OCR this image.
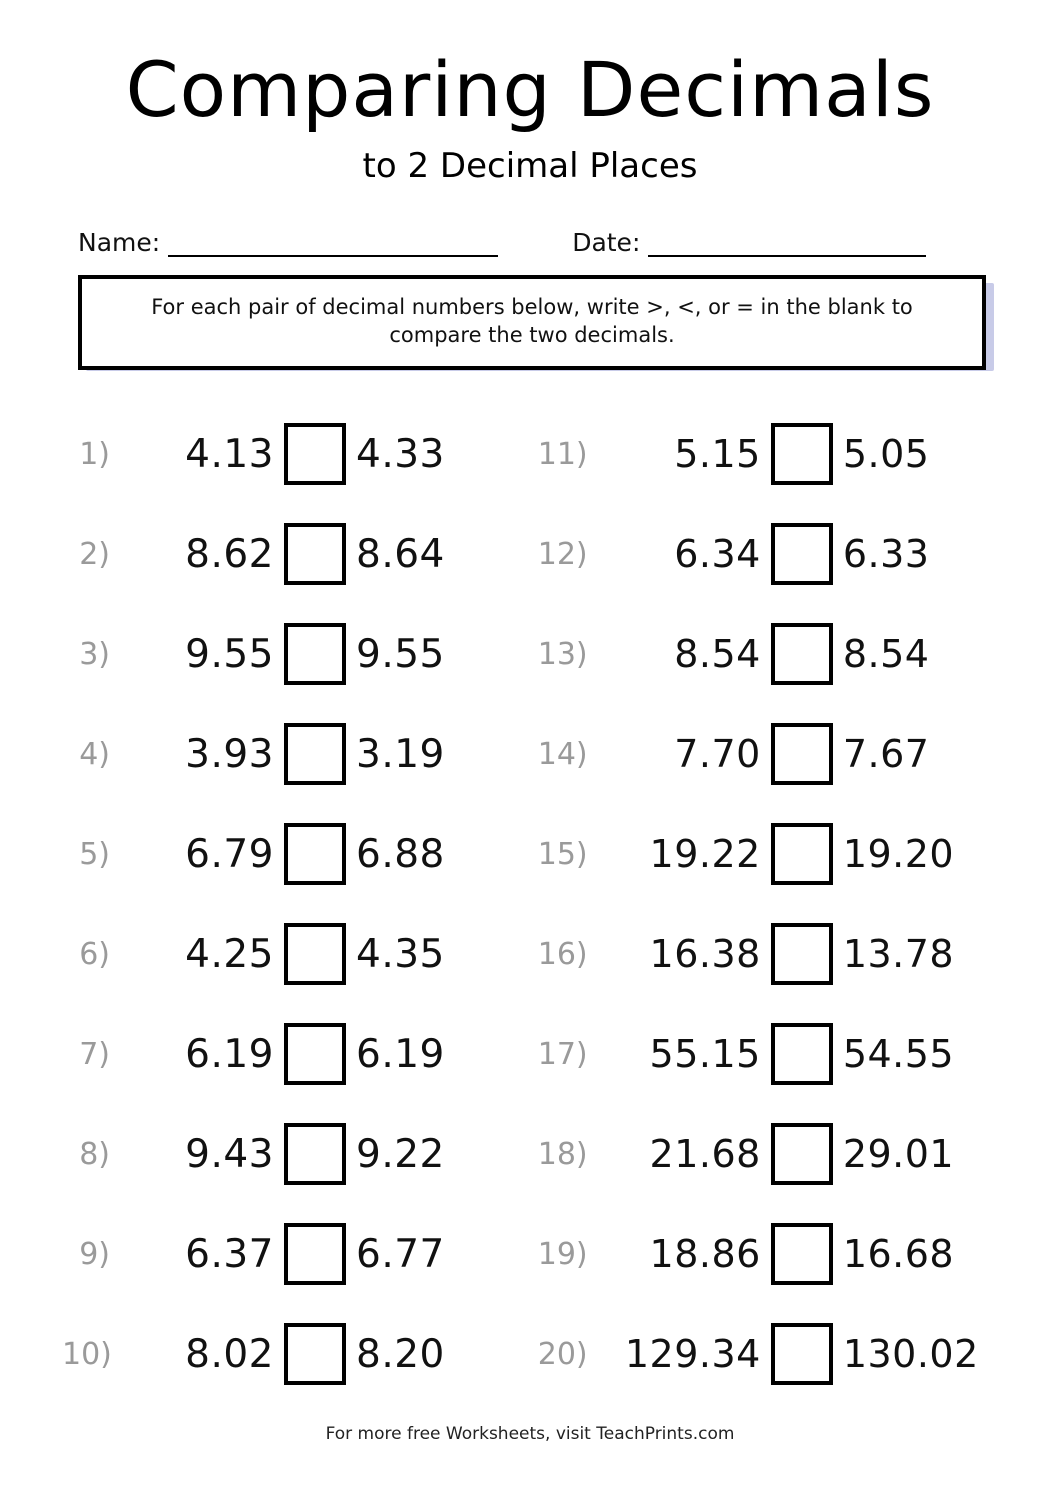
Comparing Decimals
to 2 Decimal Places
Name:	Date:
For each pair of decimal numbers below, write >, <, or = in the blank to compare the two decimals.
1)	4.13 4.33
2)	8.62 8.64
3)	9.55 9.55
4)	3.93 3.19
5)	6.79 6.88
6)	4.25 4.35
7)	6.19 6.19
8)	9.43 9.22
9)	6.37 6.77
10)	8.02 8.20
11)	5.15 5.05
12)	6.34 6.33
13)	8.54 8.54
14)	7.70 7.67
15)	19.22 19.20
16)	16.38 13.78
17)	55.15 54.55
18)	21.68 29.01
19)	18.86 16.68
20) 129.34 130.02
For more free Worksheets, visit TeachPrints.com
